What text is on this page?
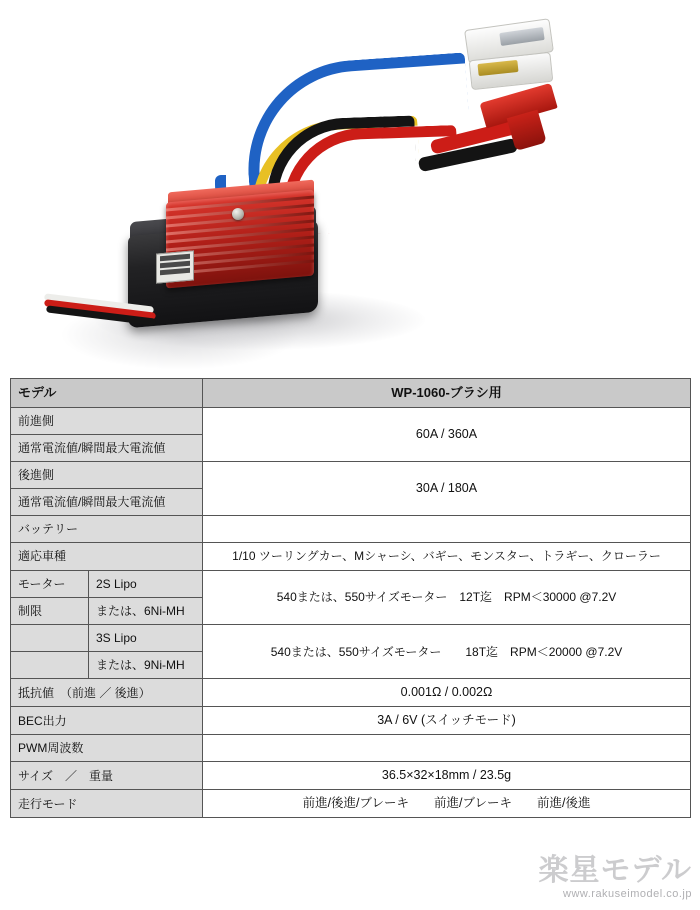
モデル		WP-1060-ブラシ用
前進側		60A / 360A
通常電流値/瞬間最大電流値		
後進側		30A / 180A
通常電流値/瞬間最大電流値		
バッテリー		
適応車種		1/10 ツーリングカー、Mシャーシ、バギー、モンスター、トラギー、クローラー
モーター	2S Lipo	540または、550サイズモーター　12T迄　RPM＜30000 @7.2V
制限	または、6Ni-MH	
	3S Lipo	540または、550サイズモーター　　18T迄　RPM＜20000 @7.2V
	または、9Ni-MH	
抵抗値　（前進 ／ 後進）		0.001Ω / 0.002Ω
BEC出力		3A / 6V (スイッチモード)
PWM周波数		
サイズ　／　重量		36.5×32×18mm / 23.5g
走行モード		前進/後進/ブレーキ　　前進/ブレーキ　　前進/後進
楽星モデル
www.rakuseimodel.co.jp
